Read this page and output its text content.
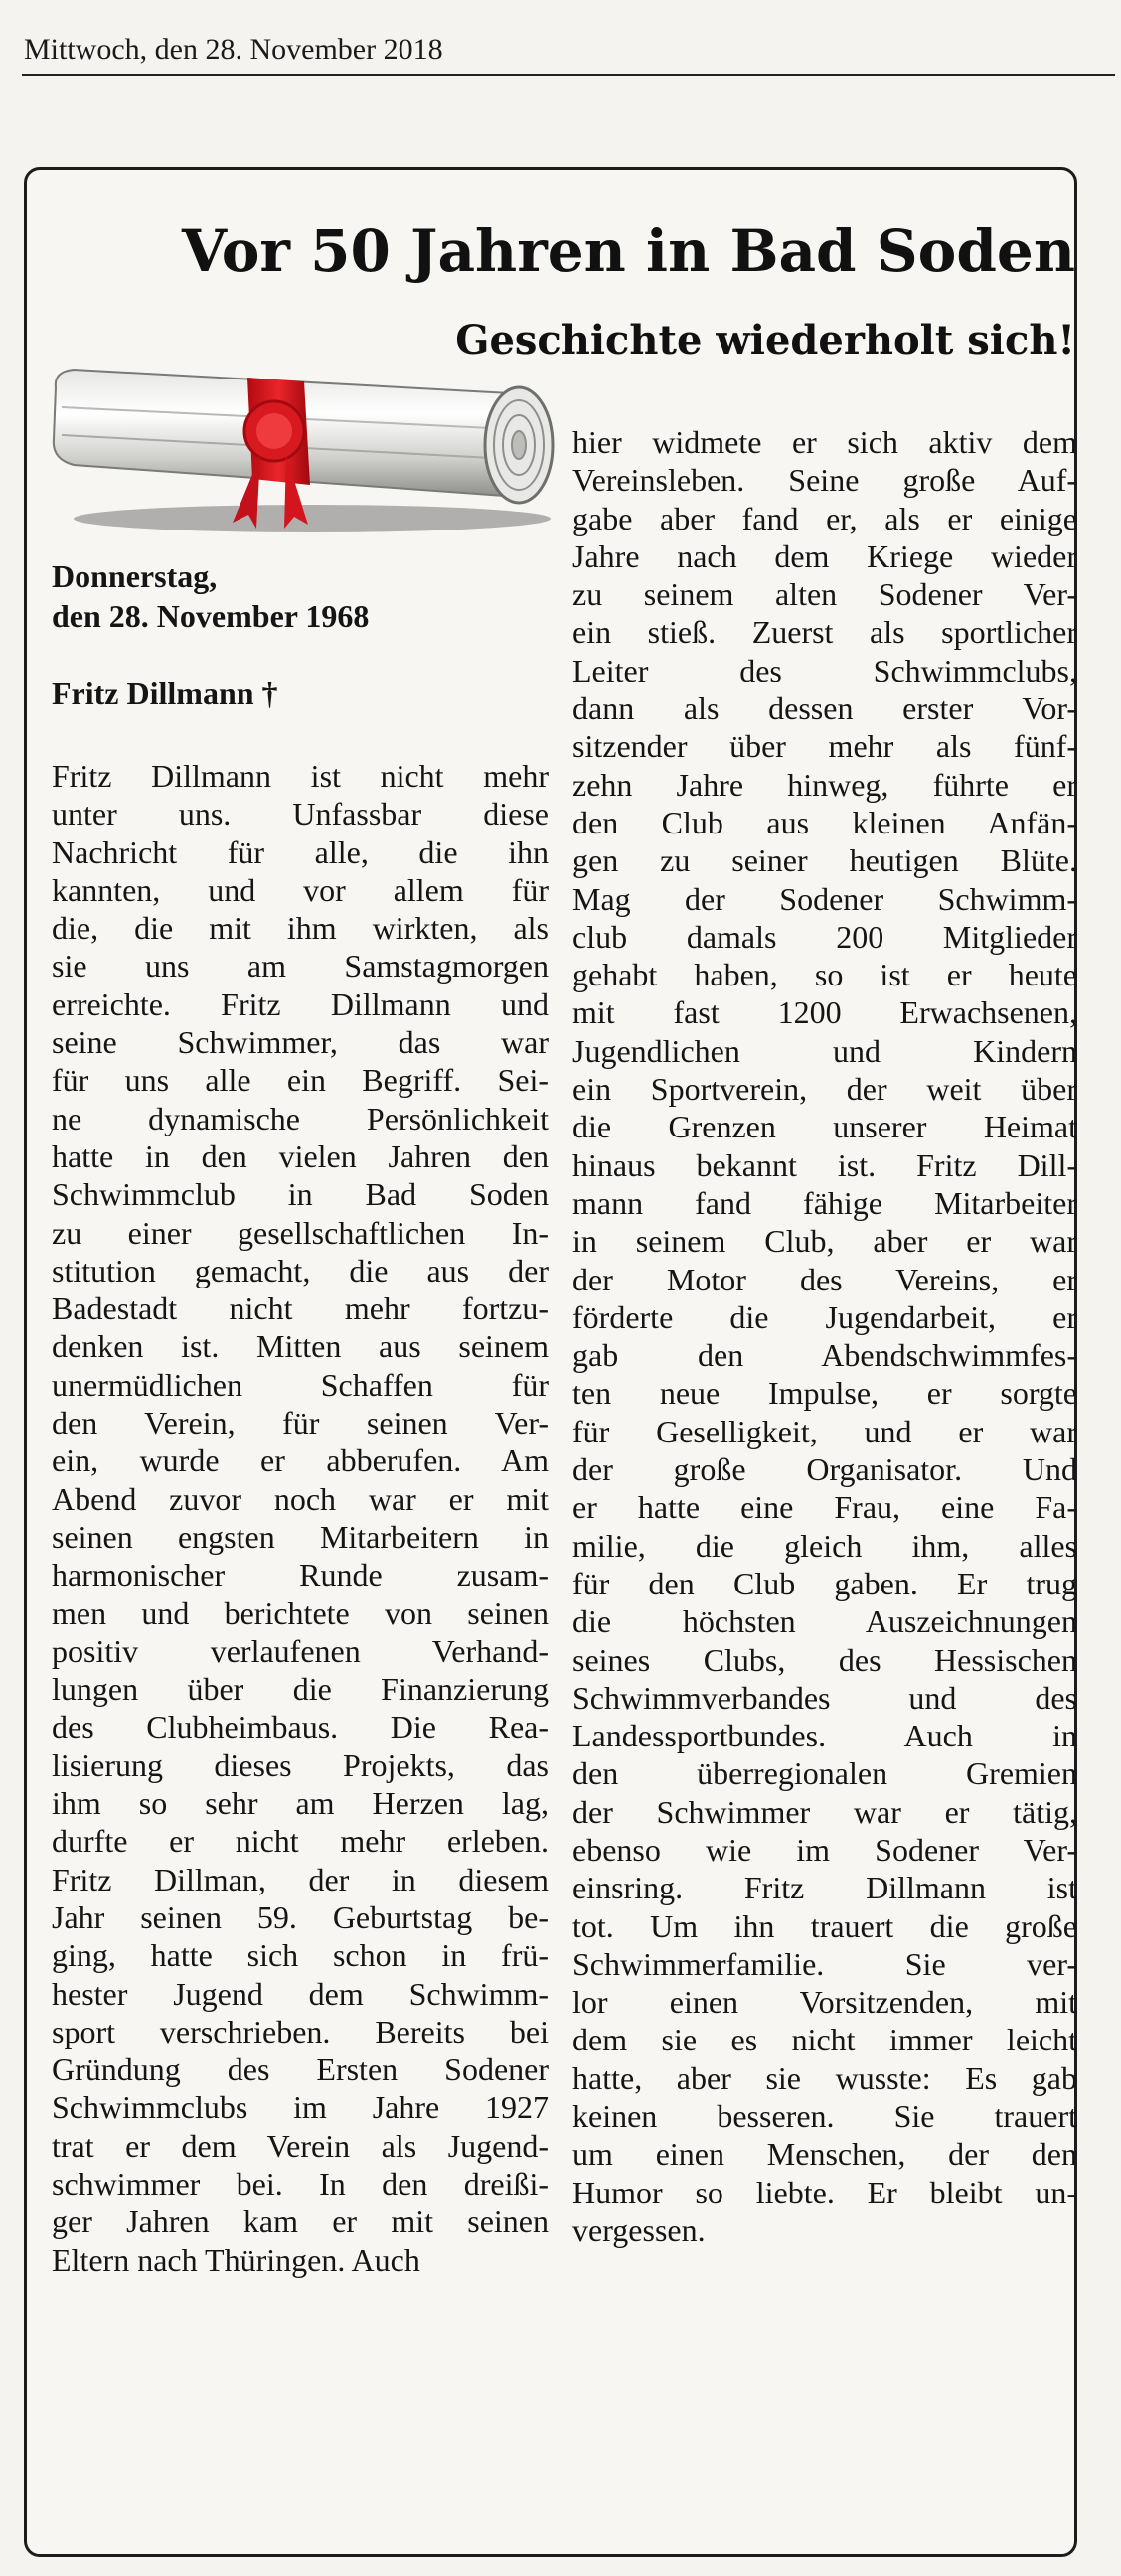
Mittwoch, den 28. November 2018
Vor 50 Jahren in Bad Soden
Geschichte wiederholt sich!
Donnerstag,
den 28. November 1968
Fritz Dillmann †
Fritz Dillmann ist nicht mehr
unter uns. Unfassbar diese
Nachricht für alle, die ihn
kannten, und vor allem für
die, die mit ihm wirkten, als
sie uns am Samstagmorgen
erreichte. Fritz Dillmann und
seine Schwimmer, das war
für uns alle ein Begriff. Sei-
ne dynamische Persönlichkeit
hatte in den vielen Jahren den
Schwimmclub in Bad Soden
zu einer gesellschaftlichen In-
stitution gemacht, die aus der
Badestadt nicht mehr fortzu-
denken ist. Mitten aus seinem
unermüdlichen Schaffen für
den Verein, für seinen Ver-
ein, wurde er abberufen. Am
Abend zuvor noch war er mit
seinen engsten Mitarbeitern in
harmonischer Runde zusam-
men und berichtete von seinen
positiv verlaufenen Verhand-
lungen über die Finanzierung
des Clubheimbaus. Die Rea-
lisierung dieses Projekts, das
ihm so sehr am Herzen lag,
durfte er nicht mehr erleben.
Fritz Dillman, der in diesem
Jahr seinen 59. Geburtstag be-
ging, hatte sich schon in frü-
hester Jugend dem Schwimm-
sport verschrieben. Bereits bei
Gründung des Ersten Sodener
Schwimmclubs im Jahre 1927
trat er dem Verein als Jugend-
schwimmer bei. In den dreißi-
ger Jahren kam er mit seinen
Eltern nach Thüringen. Auch
hier widmete er sich aktiv dem
Vereinsleben. Seine große Auf-
gabe aber fand er, als er einige
Jahre nach dem Kriege wieder
zu seinem alten Sodener Ver-
ein stieß. Zuerst als sportlicher
Leiter des Schwimmclubs,
dann als dessen erster Vor-
sitzender über mehr als fünf-
zehn Jahre hinweg, führte er
den Club aus kleinen Anfän-
gen zu seiner heutigen Blüte.
Mag der Sodener Schwimm-
club damals 200 Mitglieder
gehabt haben, so ist er heute
mit fast 1200 Erwachsenen,
Jugendlichen und Kindern
ein Sportverein, der weit über
die Grenzen unserer Heimat
hinaus bekannt ist. Fritz Dill-
mann fand fähige Mitarbeiter
in seinem Club, aber er war
der Motor des Vereins, er
förderte die Jugendarbeit, er
gab den Abendschwimmfes-
ten neue Impulse, er sorgte
für Geselligkeit, und er war
der große Organisator. Und
er hatte eine Frau, eine Fa-
milie, die gleich ihm, alles
für den Club gaben. Er trug
die höchsten Auszeichnungen
seines Clubs, des Hessischen
Schwimmverbandes und des
Landessportbundes. Auch in
den überregionalen Gremien
der Schwimmer war er tätig,
ebenso wie im Sodener Ver-
einsring. Fritz Dillmann ist
tot. Um ihn trauert die große
Schwimmerfamilie. Sie ver-
lor einen Vorsitzenden, mit
dem sie es nicht immer leicht
hatte, aber sie wusste: Es gab
keinen besseren. Sie trauert
um einen Menschen, der den
Humor so liebte. Er bleibt un-
vergessen.
